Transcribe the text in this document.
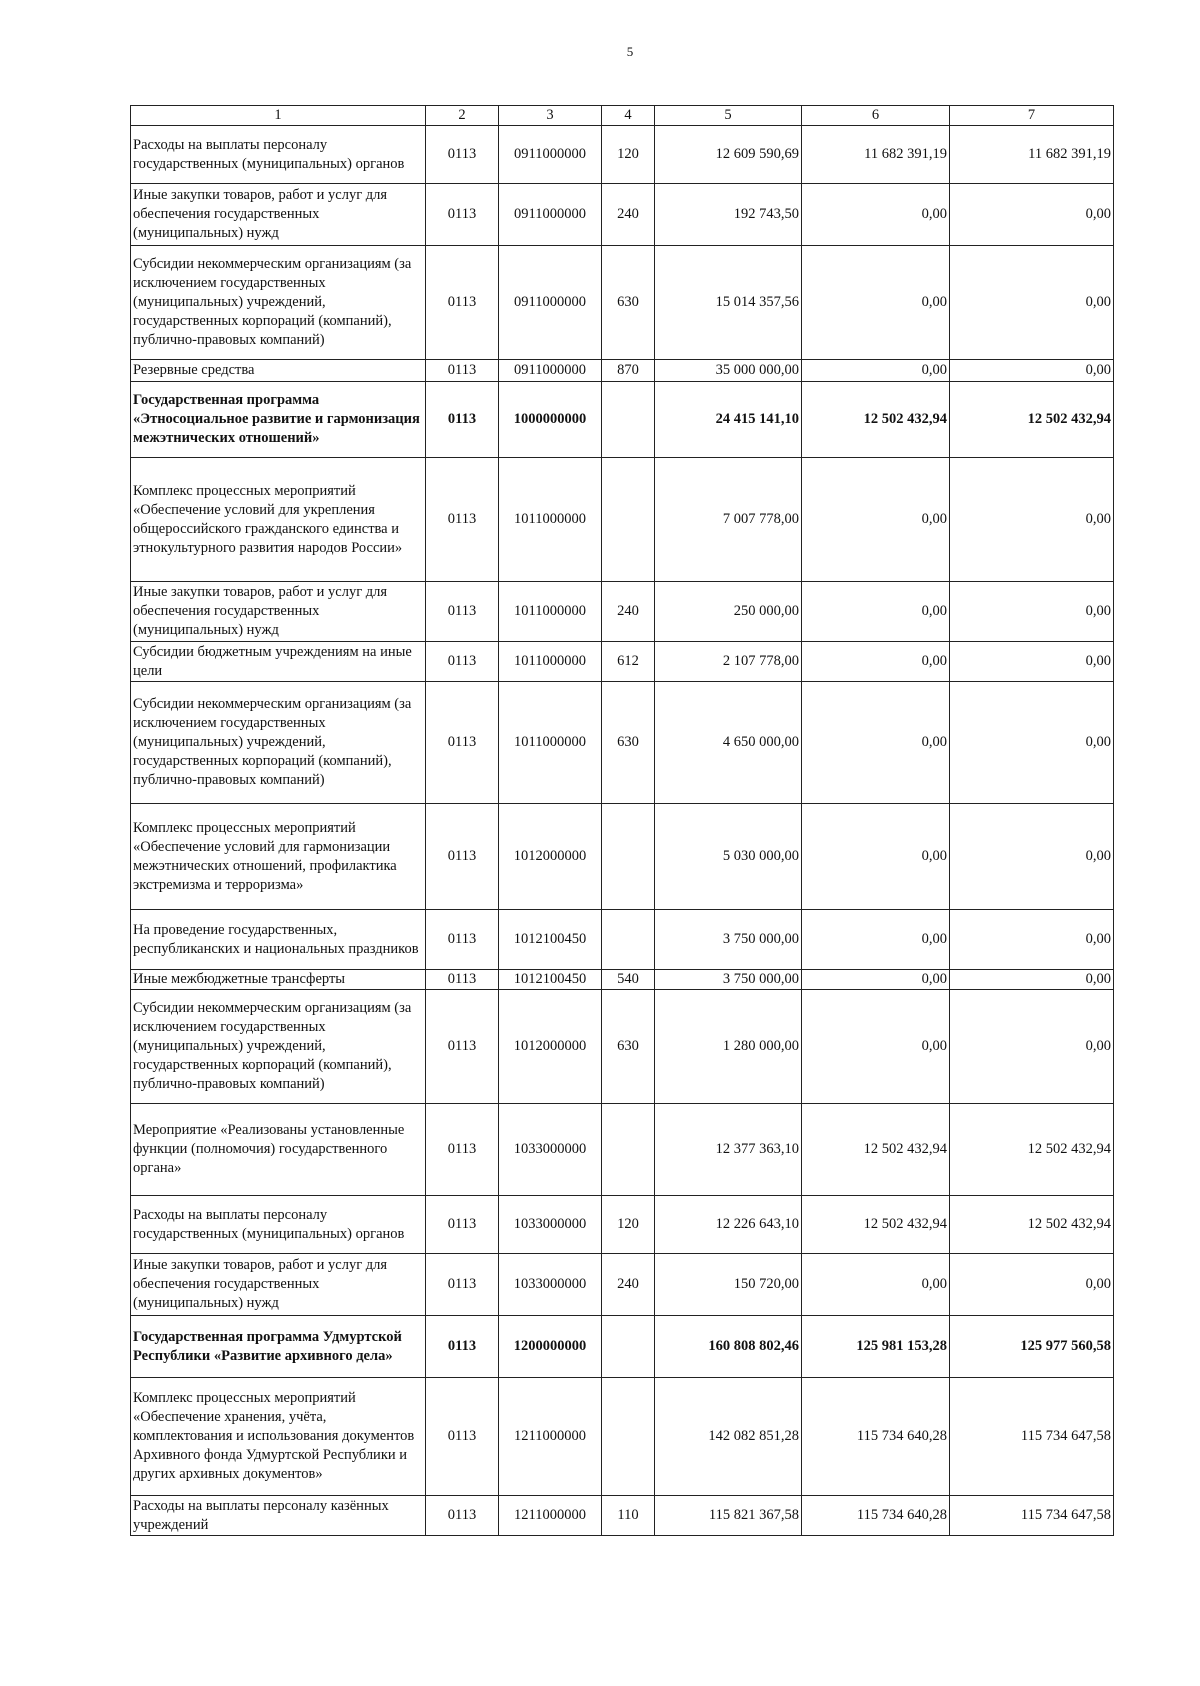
5
1	2	3	4	5	6	7
Расходы на выплаты персоналу государственных (муниципальных) органов	0113	0911000000	120	12 609 590,69	11 682 391,19	11 682 391,19
Иные закупки товаров, работ и услуг для обеспечения государственных (муниципальных) нужд	0113	0911000000	240	192 743,50	0,00	0,00
Субсидии некоммерческим организациям (за исключением государственных (муниципальных) учреждений, государственных корпораций (компаний), публично-правовых компаний)	0113	0911000000	630	15 014 357,56	0,00	0,00
Резервные средства	0113	0911000000	870	35 000 000,00	0,00	0,00
Государственная программа «Этносоциальное развитие и гармонизация межэтнических отношений»	0113	1000000000		24 415 141,10	12 502 432,94	12 502 432,94
Комплекс процессных мероприятий «Обеспечение условий для укрепления общероссийского гражданского единства и этнокультурного развития народов России»	0113	1011000000		7 007 778,00	0,00	0,00
Иные закупки товаров, работ и услуг для обеспечения государственных (муниципальных) нужд	0113	1011000000	240	250 000,00	0,00	0,00
Субсидии бюджетным учреждениям на иные цели	0113	1011000000	612	2 107 778,00	0,00	0,00
Субсидии некоммерческим организациям (за исключением государственных (муниципальных) учреждений, государственных корпораций (компаний), публично-правовых компаний)	0113	1011000000	630	4 650 000,00	0,00	0,00
Комплекс процессных мероприятий «Обеспечение условий для гармонизации межэтнических отношений, профилактика экстремизма и терроризма»	0113	1012000000		5 030 000,00	0,00	0,00
На проведение государственных, республиканских и национальных праздников	0113	1012100450		3 750 000,00	0,00	0,00
Иные межбюджетные трансферты	0113	1012100450	540	3 750 000,00	0,00	0,00
Субсидии некоммерческим организациям (за исключением государственных (муниципальных) учреждений, государственных корпораций (компаний), публично-правовых компаний)	0113	1012000000	630	1 280 000,00	0,00	0,00
Мероприятие «Реализованы установленные функции (полномочия) государственного органа»	0113	1033000000		12 377 363,10	12 502 432,94	12 502 432,94
Расходы на выплаты персоналу государственных (муниципальных) органов	0113	1033000000	120	12 226 643,10	12 502 432,94	12 502 432,94
Иные закупки товаров, работ и услуг для обеспечения государственных (муниципальных) нужд	0113	1033000000	240	150 720,00	0,00	0,00
Государственная программа Удмуртской Республики «Развитие архивного дела»	0113	1200000000		160 808 802,46	125 981 153,28	125 977 560,58
Комплекс процессных мероприятий «Обеспечение хранения, учёта, комплектования и использования документов Архивного фонда Удмуртской Республики и других архивных документов»	0113	1211000000		142 082 851,28	115 734 640,28	115 734 647,58
Расходы на выплаты персоналу казённых учреждений	0113	1211000000	110	115 821 367,58	115 734 640,28	115 734 647,58
